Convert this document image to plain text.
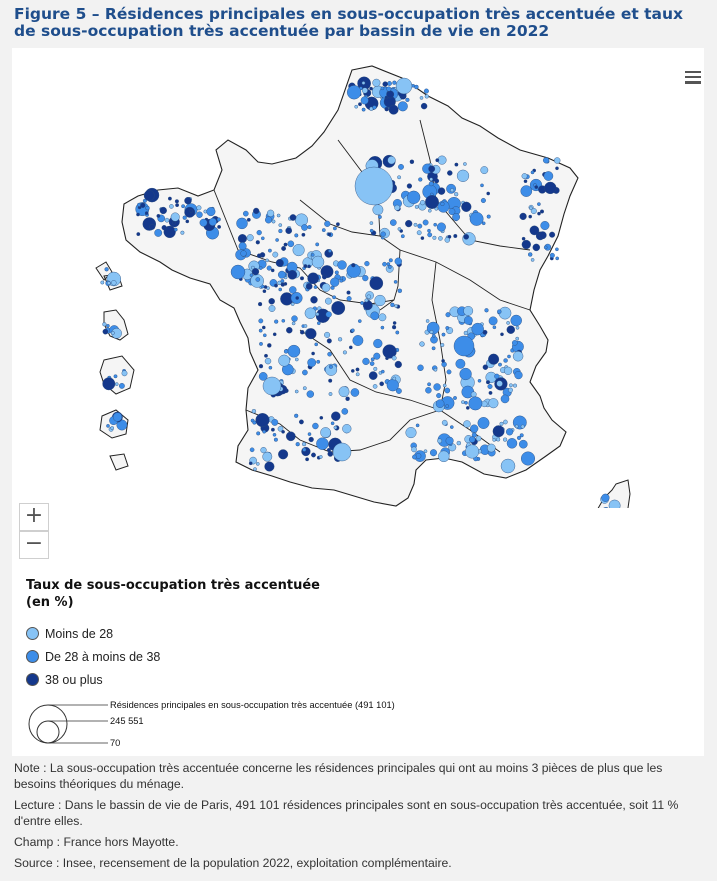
Figure 5 – Résidences principales en sous-occupation très accentuée et taux de sous-occupation très accentuée par bassin de vie en 2022
+
−

Taux de sous-occupation très accentuée (en %)

Moins de 28
De 28 à moins de 38
38 ou plus
Résidences principales en sous-occupation très accentuée (491 101)
245 551
70

Note : La sous-occupation très accentuée concerne les résidences principales qui ont au moins 3 pièces de plus que les besoins théoriques du ménage.

Lecture : Dans le bassin de vie de Paris, 491 101 résidences principales sont en sous-occupation très accentuée, soit 11 % d'entre elles.

Champ : France hors Mayotte.

Source : Insee, recensement de la population 2022, exploitation complémentaire.
